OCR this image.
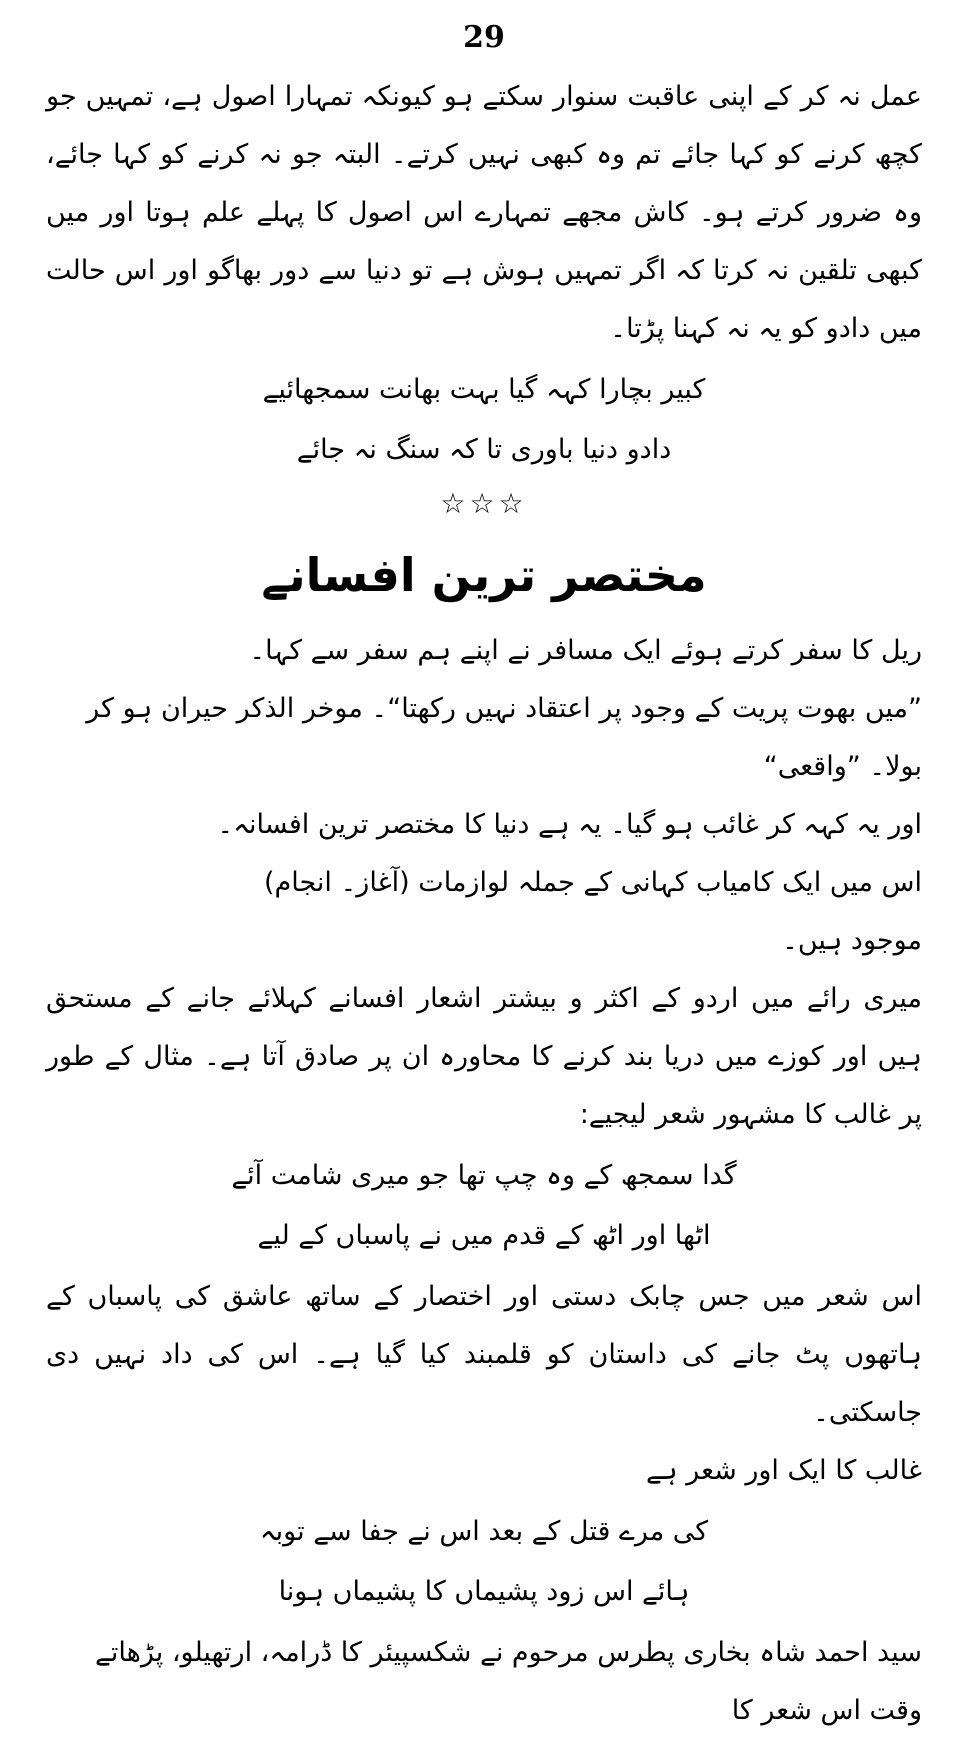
29

عمل نہ کر کے اپنی عاقبت سنوار سکتے ہو کیونکہ تمہارا اصول ہے، تمہیں جو کچھ کرنے کو کہا جائے تم وہ کبھی نہیں کرتے۔ البتہ جو نہ کرنے کو کہا جائے، وہ ضرور کرتے ہو۔ کاش مجھے تمہارے اس اصول کا پہلے علم ہوتا اور میں کبھی تلقین نہ کرتا کہ اگر تمہیں ہوش ہے تو دنیا سے دور بھاگو اور اس حالت میں دادو کو یہ نہ کہنا پڑتا۔

کبیر بچارا کہہ گیا بہت بھانت سمجھائیے

دادو دنیا باوری تا کہ سنگ نہ جائے

☆☆☆
مختصر ترین افسانے
ریل کا سفر کرتے ہوئے ایک مسافر نے اپنے ہم سفر سے کہا۔
”میں بھوت پریت کے وجود پر اعتقاد نہیں رکھتا“۔ موخر الذکر حیران ہو کر بولا۔ ”واقعی“
اور یہ کہہ کر غائب ہو گیا۔ یہ ہے دنیا کا مختصر ترین افسانہ۔
اس میں ایک کامیاب کہانی کے جملہ لوازمات (آغاز۔ انجام)
موجود ہیں۔

میری رائے میں اردو کے اکثر و بیشتر اشعار افسانے کہلائے جانے کے مستحق ہیں اور کوزے میں دریا بند کرنے کا محاورہ ان پر صادق آتا ہے۔ مثال کے طور پر غالب کا مشہور شعر لیجیے:

گدا سمجھ کے وہ چپ تھا جو میری شامت آئے

اٹھا اور اٹھ کے قدم میں نے پاسباں کے لیے

اس شعر میں جس چابک دستی اور اختصار کے ساتھ عاشق کی پاسباں کے ہاتھوں پٹ جانے کی داستان کو قلمبند کیا گیا ہے۔ اس کی داد نہیں دی جاسکتی۔

غالب کا ایک اور شعر ہے

کی مرے قتل کے بعد اس نے جفا سے توبہ

ہائے اس زود پشیماں کا پشیماں ہونا

سید احمد شاہ بخاری پطرس مرحوم نے شکسپیئر کا ڈرامہ، ارتھیلو، پڑھاتے وقت اس شعر کا
